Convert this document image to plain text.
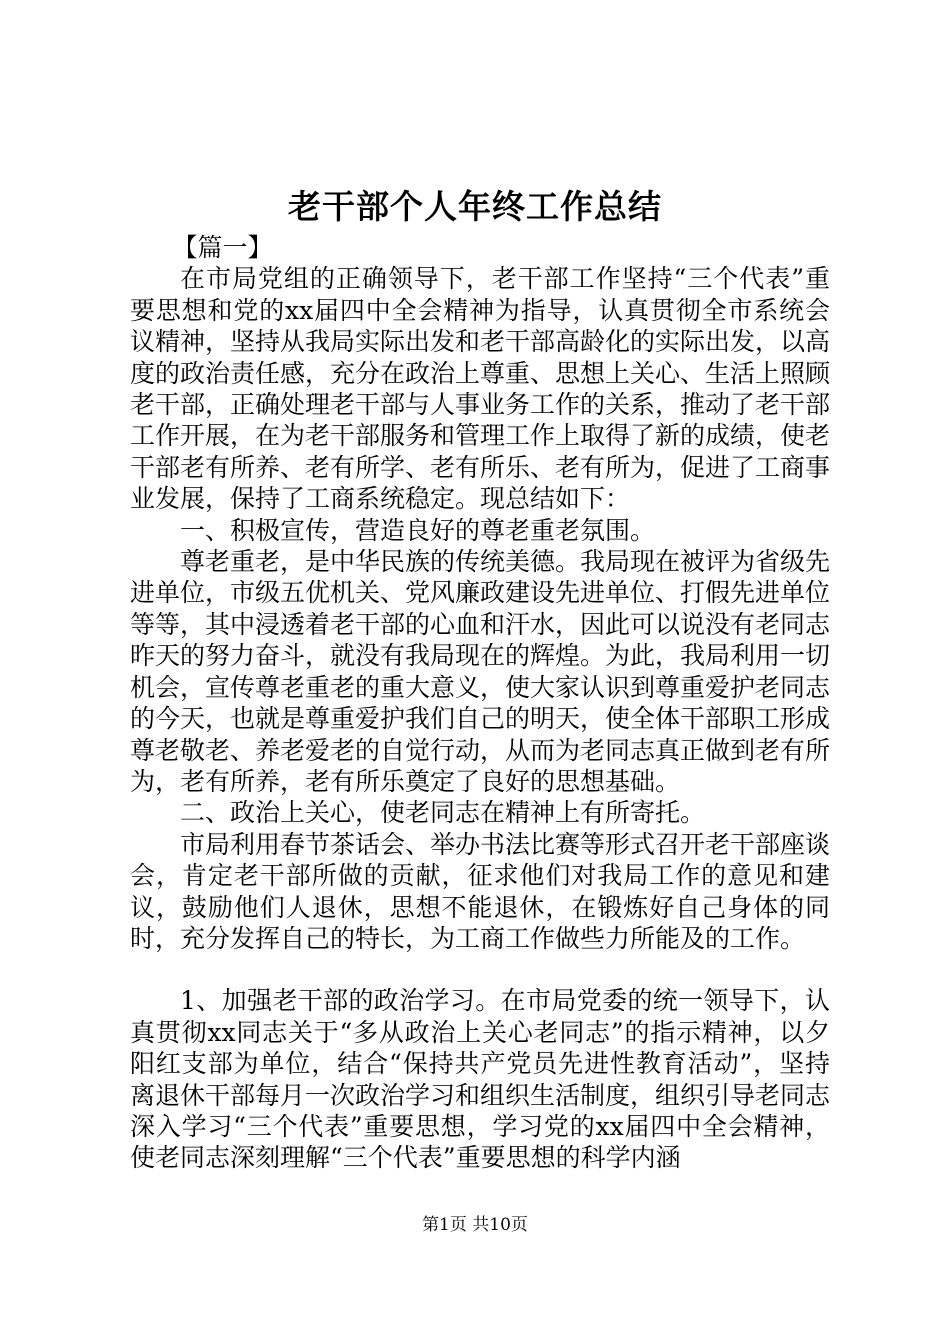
老干部个人年终工作总结

【篇一】

在市局党组的正确领导下，老干部工作坚持“三个代表”重要思想和党的xx届四中全会精神为指导，认真贯彻全市系统会议精神，坚持从我局实际出发和老干部高龄化的实际出发，以高度的政治责任感，充分在政治上尊重、思想上关心、生活上照顾老干部，正确处理老干部与人事业务工作的关系，推动了老干部工作开展，在为老干部服务和管理工作上取得了新的成绩，使老干部老有所养、老有所学、老有所乐、老有所为，促进了工商事业发展，保持了工商系统稳定。现总结如下：

一、积极宣传，营造良好的尊老重老氛围。

尊老重老，是中华民族的传统美德。我局现在被评为省级先进单位，市级五优机关、党风廉政建设先进单位、打假先进单位等等，其中浸透着老干部的心血和汗水，因此可以说没有老同志昨天的努力奋斗，就没有我局现在的辉煌。为此，我局利用一切机会，宣传尊老重老的重大意义，使大家认识到尊重爱护老同志的今天，也就是尊重爱护我们自己的明天，使全体干部职工形成尊老敬老、养老爱老的自觉行动，从而为老同志真正做到老有所为，老有所养，老有所乐奠定了良好的思想基础。

二、政治上关心，使老同志在精神上有所寄托。

市局利用春节茶话会、举办书法比赛等形式召开老干部座谈会，肯定老干部所做的贡献，征求他们对我局工作的意见和建议，鼓励他们人退休，思想不能退休，在锻炼好自己身体的同时，充分发挥自己的特长，为工商工作做些力所能及的工作。

1、加强老干部的政治学习。在市局党委的统一领导下，认真贯彻xx同志关于“多从政治上关心老同志”的指示精神，以夕阳红支部为单位，结合“保持共产党员先进性教育活动”，坚持离退休干部每月一次政治学习和组织生活制度，组织引导老同志深入学习“三个代表”重要思想，学习党的xx届四中全会精神，使老同志深刻理解“三个代表”重要思想的科学内涵

第1页 共10页
